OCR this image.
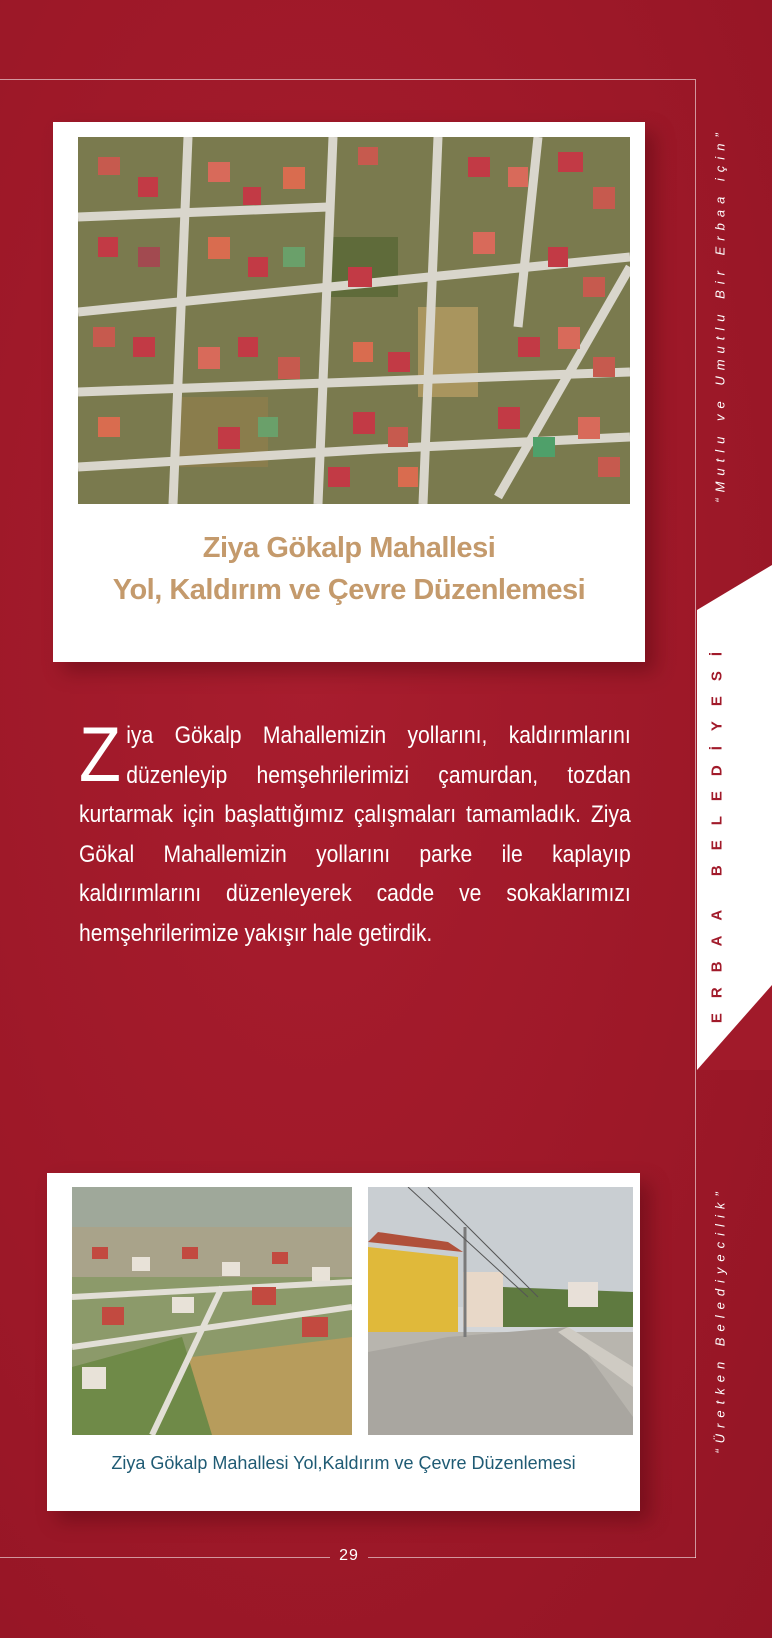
29
“Mutlu ve Umutlu Bir Erbaa için”
ERBAA BELEDİYESİ
“Üretken Belediyecilik”
Ziya Gökalp Mahallesi
Yol, Kaldırım ve Çevre Düzenlemesi
Ziya Gökalp Mahallemizin yollarını, kaldırımlarını düzenleyip hemşehrilerimizi çamurdan, tozdan kurtarmak için başlattığımız çalışmaları tamamladık. Ziya Gökal Mahallemizin yollarını parke ile kaplayıp kaldırımlarını düzenleyerek cadde ve sokaklarımızı hemşehrilerimize yakışır hale getirdik.
Ziya Gökalp Mahallesi Yol,Kaldırım ve Çevre Düzenlemesi
